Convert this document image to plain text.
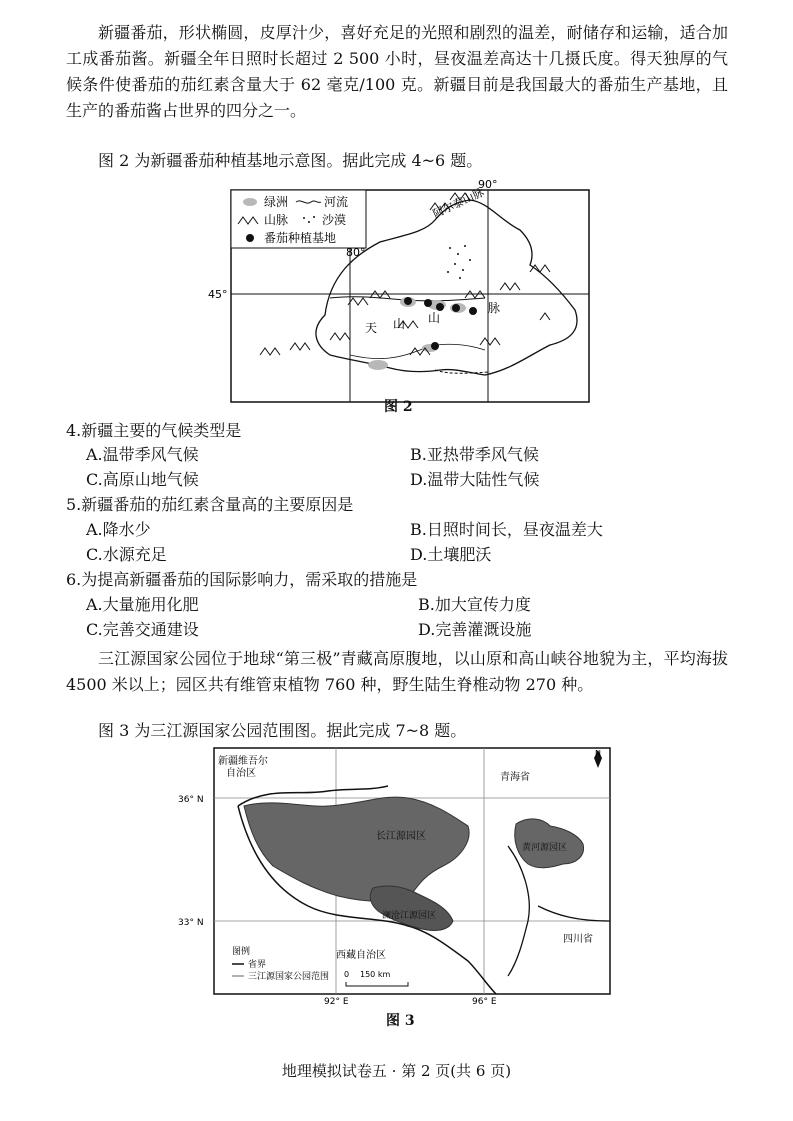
新疆番茄，形状椭圆，皮厚汁少，喜好充足的光照和剧烈的温差，耐储存和运输，适合加工成番茄酱。新疆全年日照时长超过 2 500 小时，昼夜温差高达十几摄氏度。得天独厚的气候条件使番茄的茄红素含量大于 62 毫克/100 克。新疆目前是我国最大的番茄生产基地，且生产的番茄酱占世界的四分之一。
图 2 为新疆番茄种植基地示意图。据此完成 4~6 题。
绿洲	河流
山脉	沙漠
番茄种植基地
90°
80°
45°
阿尔泰山脉
天 山 山
脉
图 2
4.新疆主要的气候类型是
A.温带季风气候	B.亚热带季风气候
C.高原山地气候	D.温带大陆性气候
5.新疆番茄的茄红素含量高的主要原因是
A.降水少	B.日照时间长，昼夜温差大
C.水源充足	D.土壤肥沃
6.为提高新疆番茄的国际影响力，需采取的措施是
A.大量施用化肥	B.加大宣传力度
C.完善交通建设	D.完善灌溉设施
三江源国家公园位于地球“第三极”青藏高原腹地，以山原和高山峡谷地貌为主，平均海拔 4500 米以上；园区共有维管束植物 760 种，野生陆生脊椎动物 270 种。
图 3 为三江源国家公园范围图。据此完成 7~8 题。
新疆维吾尔
自治区	青海省
长江源园区
黄河源园区
澜沧江源园区
西藏自治区
四川省
36° N
33° N
92° E	96° E
N
图例
省界
三江源国家公园范围 0 150 km
图 3
地理模拟试卷五 · 第 2 页(共 6 页)
